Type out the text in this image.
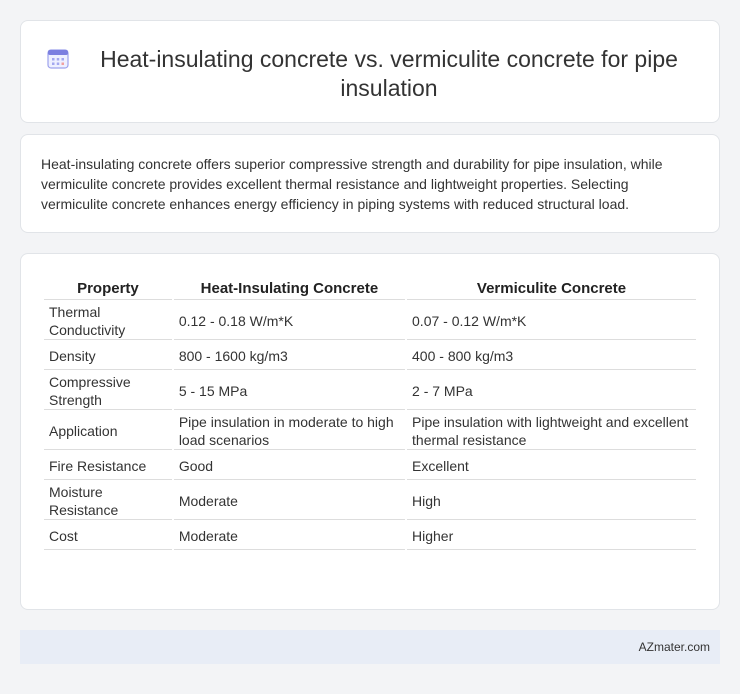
Heat-insulating concrete vs. vermiculite concrete for pipe insulation

Heat-insulating concrete offers superior compressive strength and durability for pipe insulation, while vermiculite concrete provides excellent thermal resistance and lightweight properties. Selecting vermiculite concrete enhances energy efficiency in piping systems with reduced structural load.

Property	Heat-Insulating Concrete	Vermiculite Concrete
Thermal Conductivity	0.12 - 0.18 W/m*K	0.07 - 0.12 W/m*K
Density	800 - 1600 kg/m3	400 - 800 kg/m3
Compressive Strength	5 - 15 MPa	2 - 7 MPa
Application	Pipe insulation in moderate to high load scenarios	Pipe insulation with lightweight and excellent thermal resistance
Fire Resistance	Good	Excellent
Moisture Resistance	Moderate	High
Cost	Moderate	Higher
AZmater.com
